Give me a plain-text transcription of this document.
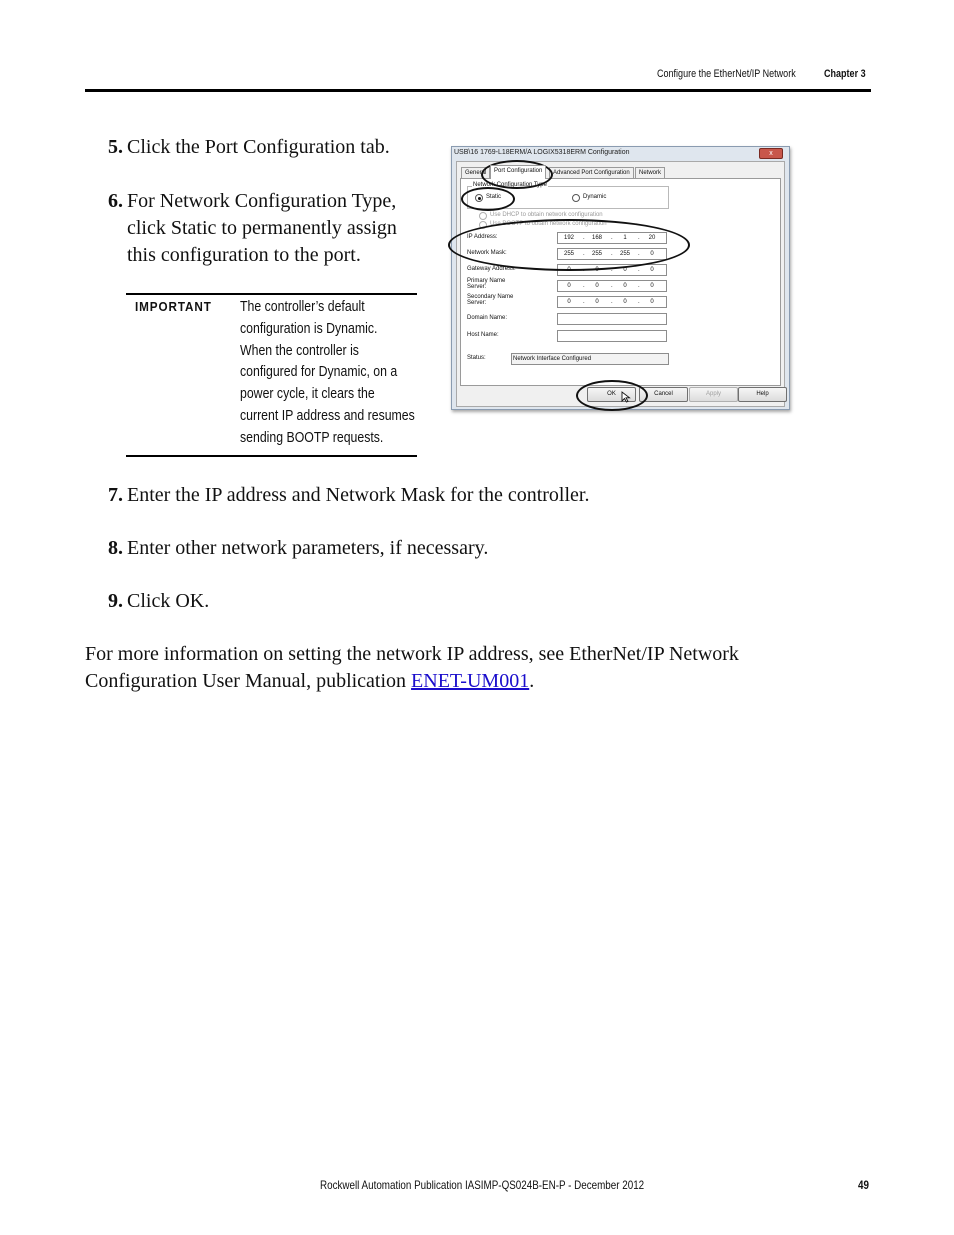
Configure the EtherNet/IP Network	Chapter 3
5. Click the Port Configuration tab.
6. For Network Configuration Type,
click Static to permanently assign
this configuration to the port.
IMPORTANT The controller’s default
configuration is Dynamic.
When the controller is
configured for Dynamic, on a
power cycle, it clears the
current IP address and resumes
sending BOOTP requests.
USB\16 1769-L18ERM/A LOGIX5318ERM Configuration	x
General	Port Configuration	Advanced Port Configuration	Network
Network Configuration Type
Static	Dynamic
Use DHCP to obtain network configuration
Use BOOTP to obtain network configuration
IP Address:	192	.	168	.	1	.	20
Network Mask:	255	.	255	.	255	.	0
Gateway Address:	0	.	0	.	0	.	0
Primary Name
Server:	0	.	0	.	0	.	0
Secondary Name
Server:	0	.	0	.	0	.	0
Domain Name:
Host Name:
Status:	Network Interface Configured
OK	Cancel	Apply	Help
7. Enter the IP address and Network Mask for the controller.
8. Enter other network parameters, if necessary.
9. Click OK.
For more information on setting the network IP address, see EtherNet/IP Network
Configuration User Manual, publication ENET-UM001.
Rockwell Automation Publication IASIMP-QS024B-EN-P - December 2012	49
